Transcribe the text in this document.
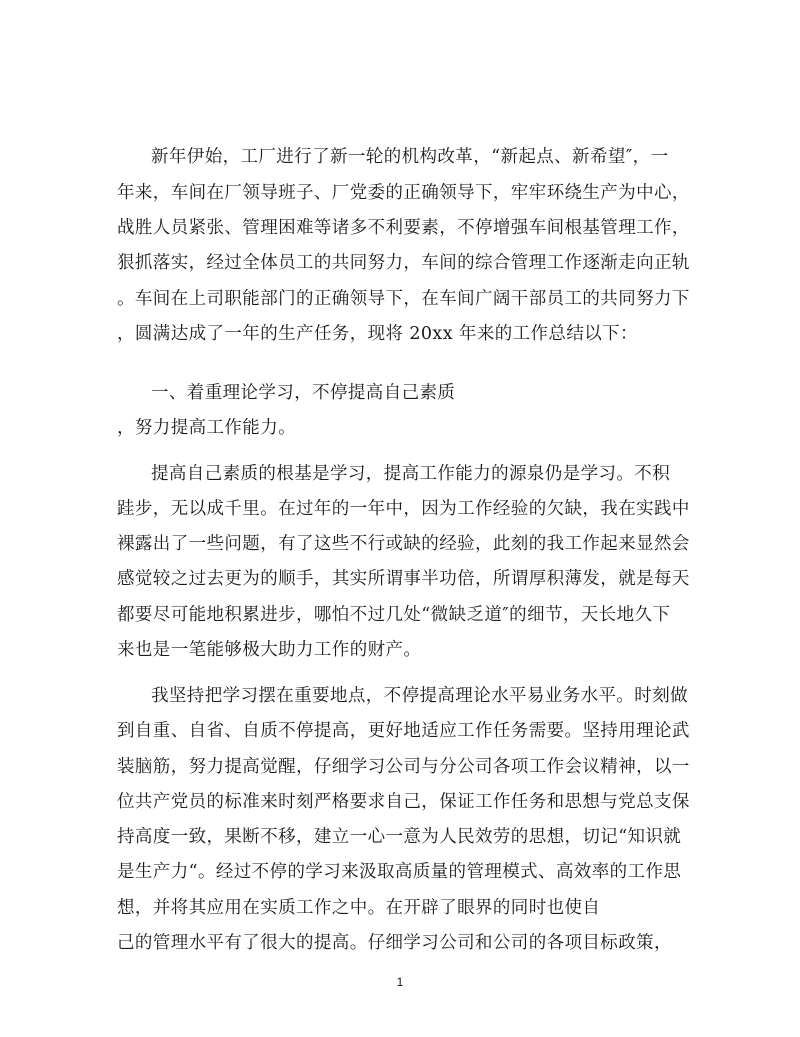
新年伊始，工厂进行了新一轮的机构改革，“新起点、新希望″，一
年来，车间在厂领导班子、厂党委的正确领导下，牢牢环绕生产为中心，
战胜人员紧张、管理困难等诸多不利要素，不停增强车间根基管理工作，
狠抓落实，经过全体员工的共同努力，车间的综合管理工作逐渐走向正轨
。车间在上司职能部门的正确领导下，在车间广阔干部员工的共同努力下
，圆满达成了一年的生产任务，现将 20xx 年来的工作总结以下：
一、着重理论学习，不停提高自己素质
，努力提高工作能力。
提高自己素质的根基是学习，提高工作能力的源泉仍是学习。不积
跬步，无以成千里。在过年的一年中，因为工作经验的欠缺，我在实践中
裸露出了一些问题，有了这些不行或缺的经验，此刻的我工作起来显然会
感觉较之过去更为的顺手，其实所谓事半功倍，所谓厚积薄发，就是每天
都要尽可能地积累进步，哪怕不过几处“微缺乏道″的细节，天长地久下
来也是一笔能够极大助力工作的财产。
我坚持把学习摆在重要地点，不停提高理论水平易业务水平。时刻做
到自重、自省、自质不停提高，更好地适应工作任务需要。坚持用理论武
装脑筋，努力提高觉醒，仔细学习公司与分公司各项工作会议精神，以一
位共产党员的标准来时刻严格要求自己，保证工作任务和思想与党总支保
持高度一致，果断不移，建立一心一意为人民效劳的思想，切记“知识就
是生产力“。经过不停的学习来汲取高质量的管理模式、高效率的工作思
想，并将其应用在实质工作之中。在开辟了眼界的同时也使自
己的管理水平有了很大的提高。仔细学习公司和公司的各项目标政策，
1
